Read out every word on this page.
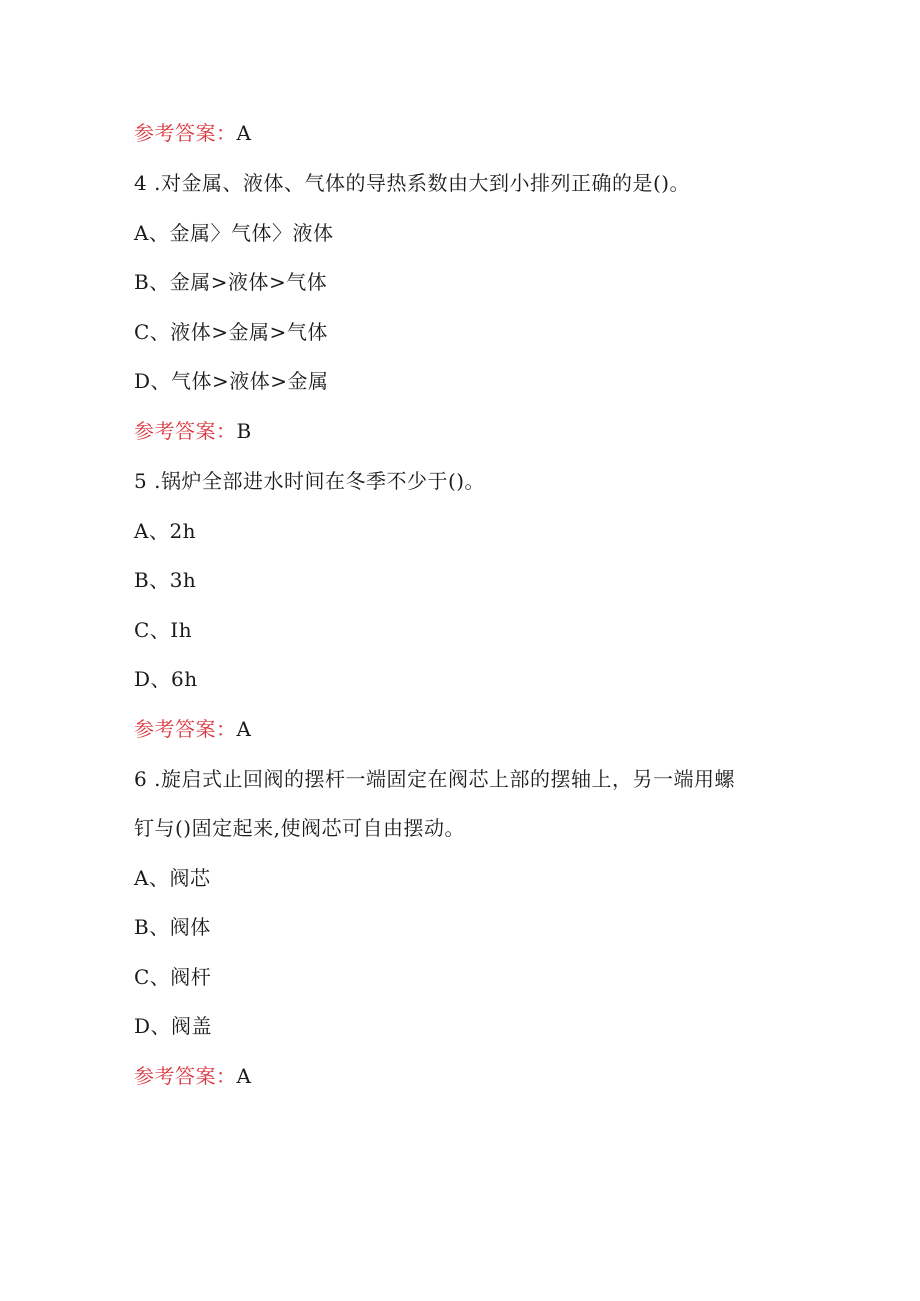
参考答案：A
4 .对金属、液体、气体的导热系数由大到小排列正确的是()。
A、金属〉气体〉液体
B、金属>液体>气体
C、液体>金属>气体
D、气体>液体>金属
参考答案：B
5 .锅炉全部进水时间在冬季不少于()。
A、2h
B、3h
C、Ih
D、6h
参考答案：A
6 .旋启式止回阀的摆杆一端固定在阀芯上部的摆轴上，另一端用螺
钉与()固定起来,使阀芯可自由摆动。
A、阀芯
B、阀体
C、阀杆
D、阀盖
参考答案：A
